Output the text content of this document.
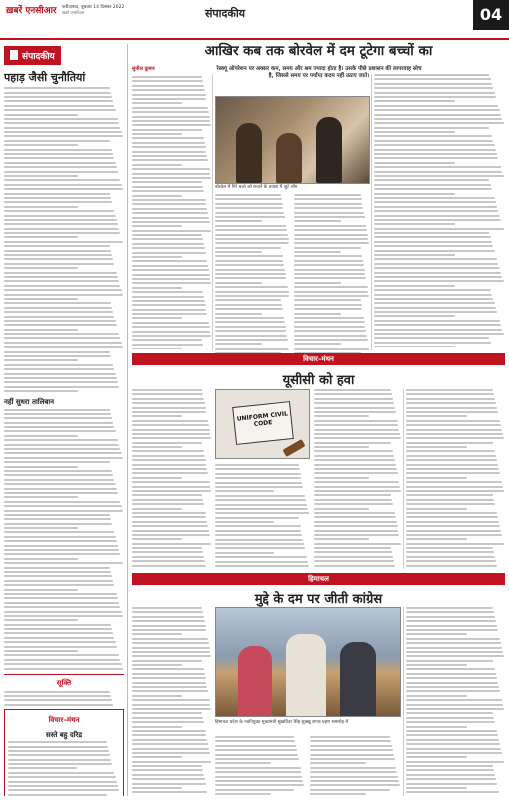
ख़बरें एनसीआर फरीदाबाद, बुधवार 14 दिसंबर 2022
ख़बरें एनसीआर	संपादकीय	04
संपादकीय
पहाड़ जैसी चुनौतियां
नहीं सुधरा तालिबान
सूक्ति
विचार–मंथन
सस्ते बहु दरिद्र
आखिर कब तक बोरवेल में दम टूटेगा बच्चों का
सुनील कुमार	रेस्क्यू ऑपरेशन पर अक्सर कम, समय और श्रम ज्यादा होता है। उसके पीछे प्रशासन की लापरवाह सोच है, जिससे समय पर पर्याप्त कदम नहीं उठाए जाते।
बोरवेल में गिरे बच्चे को बचाने के प्रयास में जुटे लोग
विचार–मंथन
यूसीसी को हवा
UNIFORM CIVIL CODE
हिमाचल
मुद्दे के दम पर जीती कांग्रेस
हिमाचल प्रदेश के नवनियुक्त मुख्यमंत्री सुखविंदर सिंह सुक्खू शपथ ग्रहण समारोह में
